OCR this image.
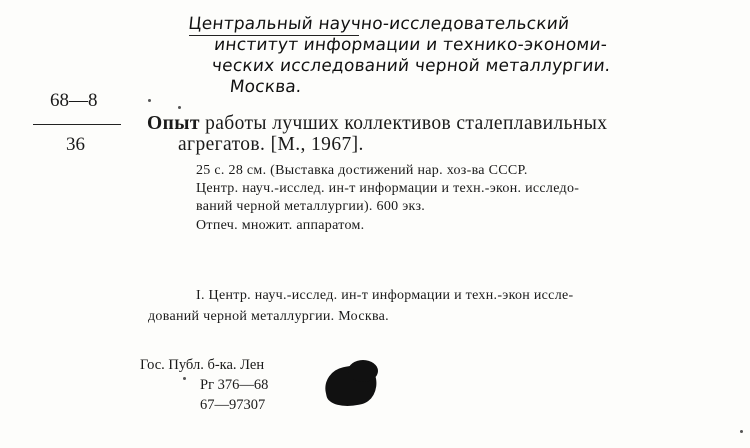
Центральный научно-исследовательский
институт информации и технико-экономи-
ческих исследований черной металлургии.
Москва.
68—8
36
Опыт работы лучших коллективов сталеплавильных
агрегатов. [М., 1967].
25 с. 28 см. (Выставка достижений нар. хоз-ва СССР.
Центр. науч.-исслед. ин-т информации и техн.-экон. исследо-
ваний черной металлургии). 600 экз.
Отпеч. множит. аппаратом.
I. Центр. науч.-исслед. ин-т информации и техн.-экон иссле-
дований черной металлургии. Москва.
Гос. Публ. б-ка. Лен
Рг 376—68
67—97307
